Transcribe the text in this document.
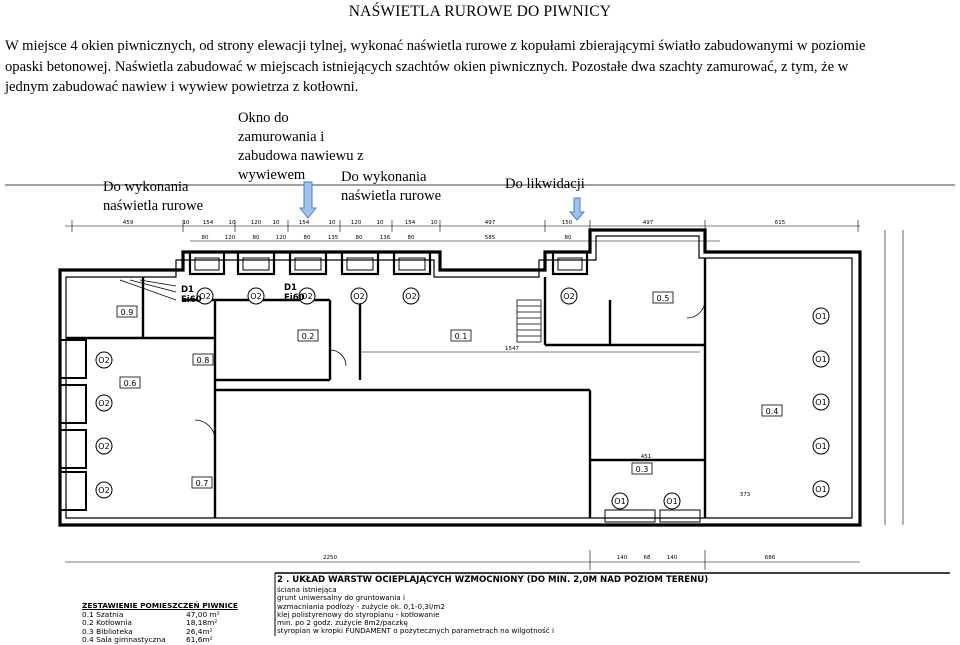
NAŚWIETLA RUROWE DO PIWNICY
W miejsce 4 okien piwnicznych, od strony elewacji tylnej, wykonać naświetla rurowe z kopułami zbierającymi światło zabudowanymi w poziomie
opaski betonowej. Naświetla zabudować w miejscach istniejących szachtów okien piwnicznych. Pozostałe dwa szachty zamurować, z tym, że w
jednym zabudować nawiew i wywiew powietrza z kotłowni.
O2	O2	O2	O2	O2	O2
O2
O2
O2
O2
O1
O1
O1
O1
O1
O1	O1
0.9
0.8
0.6
0.7
0.2	0.1
0.5
0.4
0.3
D1
Ei60
D1
Ei60
459	10 154	10	120 10	154	10	120	10	154	10	497	150	497	615
80	120	80	120	80	135	80	136	80	585	80
2250	140	68	140	686
1547
451
373
Do wykonania
naświetla rurowe
Okno do
zamurowania i
zabudowa nawiewu z
wywiewem	Do wykonania
naświetla rurowe
Do likwidacji
ZESTAWIENIE POMIESZCZEŃ PIWNICE
0.1 Szatnia	47,00 m²
0.2 Kotłownia	18,18m²
0.3 Biblioteka	26,4m²
0.4 Sala gimnastyczna	61,6m²
2 . UKŁAD WARSTW OCIEPLAJĄCYCH WZMOCNIONY (DO MIN. 2,0M NAD POZIOM TERENU)
ściana istniejąca
grunt uniwersalny do gruntowania i
wzmacniania podłoży - zużycie ok. 0,1-0,3l/m2
klej polistyrenowy do styropianu - kotłowanie
min. po 2 godz. zużycie 8m2/paczkę
styropian w kropki FUNDAMENT o pożytecznych parametrach na wilgotność i
